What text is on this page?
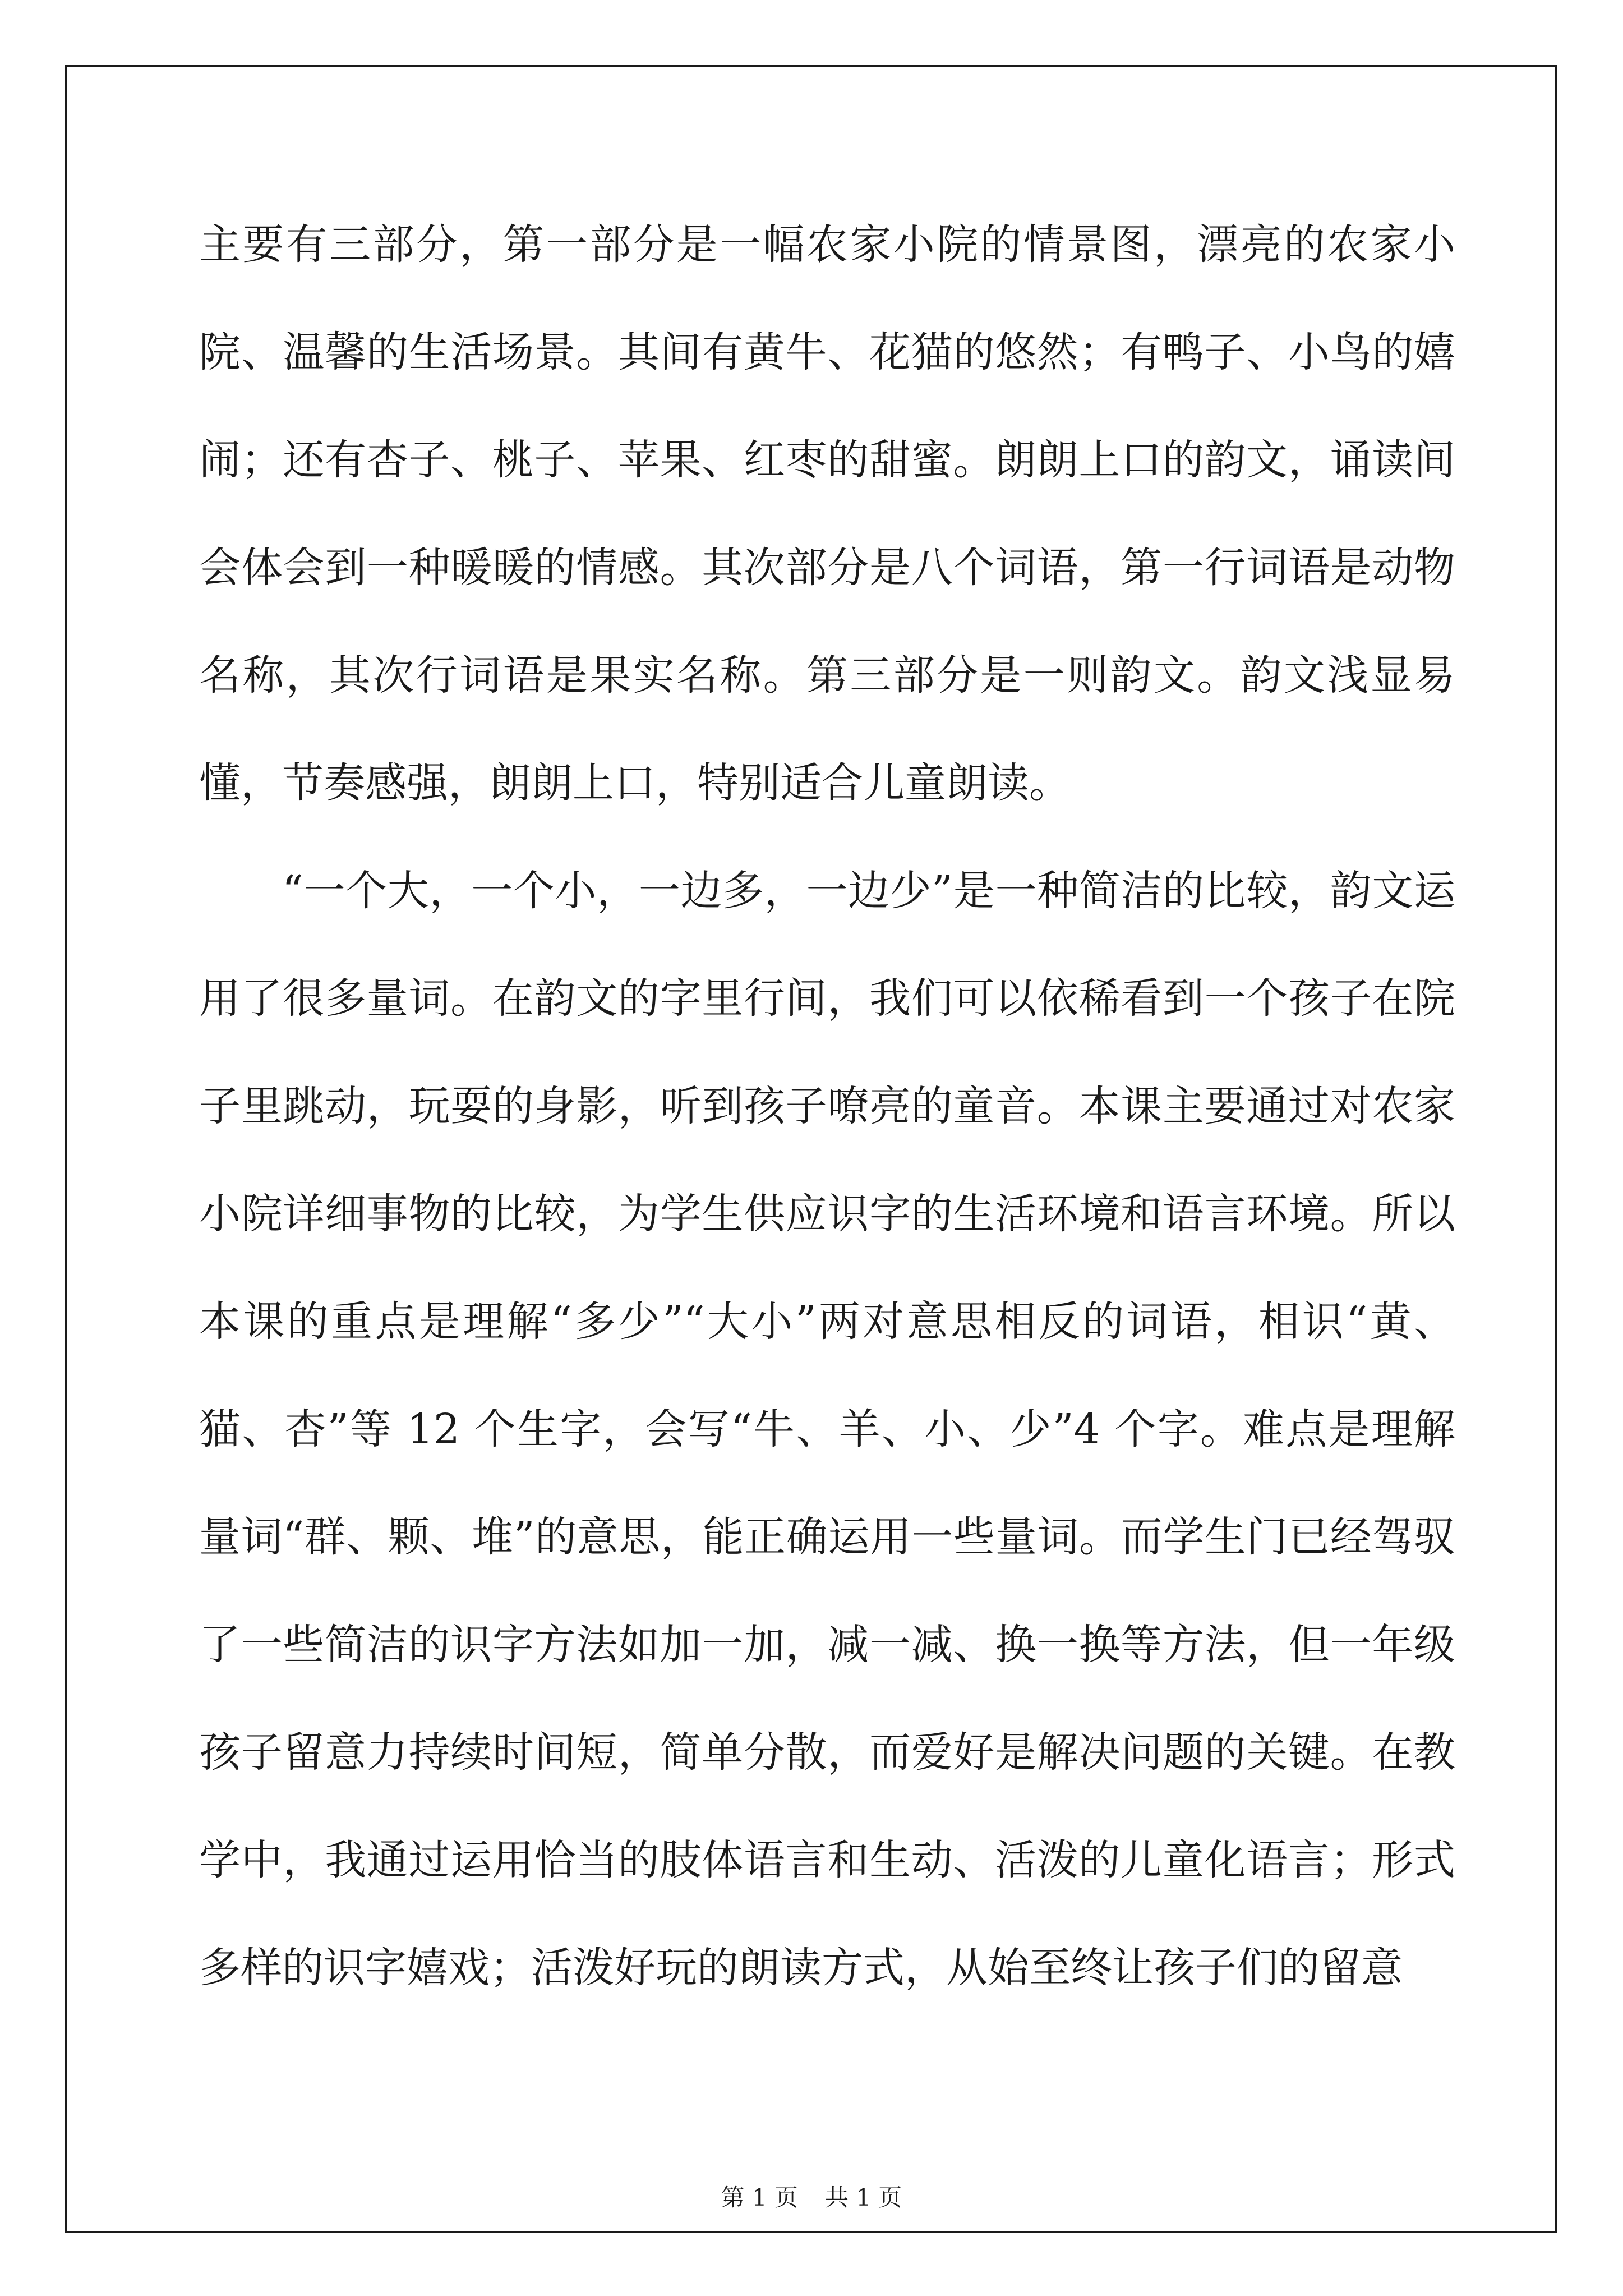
主要有三部分，第一部分是一幅农家小院的情景图，漂亮的农家小院、温馨的生活场景。其间有黄牛、花猫的悠然；有鸭子、小鸟的嬉闹；还有杏子、桃子、苹果、红枣的甜蜜。朗朗上口的韵文，诵读间会体会到一种暖暖的情感。其次部分是八个词语，第一行词语是动物名称，其次行词语是果实名称。第三部分是一则韵文。韵文浅显易懂，节奏感强，朗朗上口，特别适合儿童朗读。

“一个大，一个小，一边多，一边少”是一种简洁的比较，韵文运用了很多量词。在韵文的字里行间，我们可以依稀看到一个孩子在院子里跳动，玩耍的身影，听到孩子嘹亮的童音。本课主要通过对农家小院详细事物的比较，为学生供应识字的生活环境和语言环境。所以本课的重点是理解“多少”“大小”两对意思相反的词语，相识“黄、猫、杏”等 12 个生字，会写“牛、羊、小、少”4 个字。难点是理解量词“群、颗、堆”的意思，能正确运用一些量词。而学生门已经驾驭了一些简洁的识字方法如加一加，减一减、换一换等方法，但一年级孩子留意力持续时间短，简单分散，而爱好是解决问题的关键。在教学中，我通过运用恰当的肢体语言和生动、活泼的儿童化语言；形式多样的识字嬉戏；活泼好玩的朗读方式，从始至终让孩子们的留意

第 1 页 共 1 页
